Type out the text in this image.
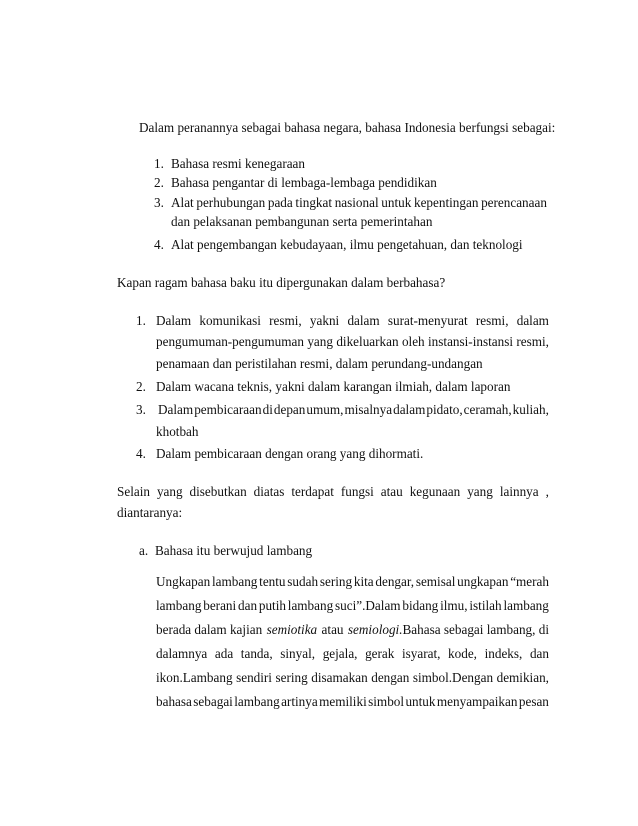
Dalam peranannya sebagai bahasa negara, bahasa Indonesia berfungsi sebagai:
1. Bahasa resmi kenegaraan
2. Bahasa pengantar di lembaga-lembaga pendidikan
3. Alat perhubungan pada tingkat nasional untuk kepentingan perencanaan
dan pelaksanan pembangunan serta pemerintahan
4. Alat pengembangan kebudayaan, ilmu pengetahuan, dan teknologi
Kapan ragam bahasa baku itu dipergunakan dalam berbahasa?
1. Dalam komunikasi resmi, yakni dalam surat-menyurat resmi, dalam
pengumuman-pengumuman yang dikeluarkan oleh instansi-instansi resmi,
penamaan dan peristilahan resmi, dalam perundang-undangan
2. Dalam wacana teknis, yakni dalam karangan ilmiah, dalam laporan
3. Dalam pembicaraan di depan umum, misalnya dalam pidato, ceramah, kuliah,
khotbah
4. Dalam pembicaraan dengan orang yang dihormati.
Selain yang disebutkan diatas terdapat fungsi atau kegunaan yang lainnya ,
diantaranya:
a. Bahasa itu berwujud lambang
Ungkapan lambang tentu sudah sering kita dengar, semisal ungkapan “merah
lambang berani dan putih lambang suci”.Dalam bidang ilmu, istilah lambang
berada dalam kajian semiotika atau semiologi.Bahasa sebagai lambang, di
dalamnya ada tanda, sinyal, gejala, gerak isyarat, kode, indeks, dan
ikon.Lambang sendiri sering disamakan dengan simbol.Dengan demikian,
bahasa sebagai lambang artinya memiliki simbol untuk menyampaikan pesan
